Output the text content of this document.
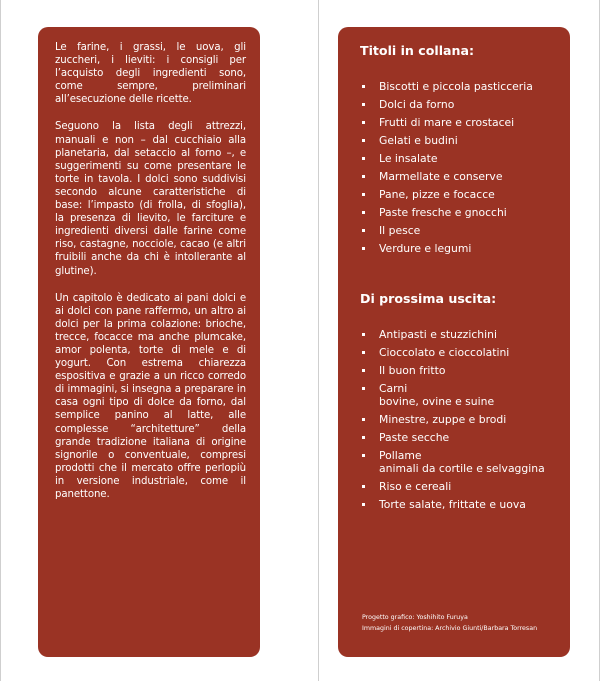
Le farine, i grassi, le uova, gli zuccheri, i lieviti: i consigli per l’acquisto degli ingredienti sono, come sempre, preliminari all’esecuzione delle ricette.

Seguono la lista degli attrezzi, manuali e non – dal cucchiaio alla planetaria, dal setaccio al forno –, e suggerimenti su come presentare le torte in tavola. I dolci sono suddivisi secondo alcune caratteristiche di base: l’impasto (di frolla, di sfoglia), la presenza di lievito, le farciture e ingredienti diversi dalle farine come riso, castagne, nocciole, cacao (e altri fruibili anche da chi è intollerante al glutine).

Un capitolo è dedicato ai pani dolci e ai dolci con pane raffermo, un altro ai dolci per la prima colazione: brioche, trecce, focacce ma anche plumcake, amor polenta, torte di mele e di yogurt. Con estrema chiarezza espositiva e grazie a un ricco corredo di immagini, si insegna a preparare in casa ogni tipo di dolce da forno, dal semplice panino al latte, alle complesse “architetture” della grande tradizione italiana di origine signorile o conventuale, compresi prodotti che il mercato offre perlopiù in versione industriale, come il panettone.

Titoli in collana:
Biscotti e piccola pasticceria
Dolci da forno
Frutti di mare e crostacei
Gelati e budini
Le insalate
Marmellate e conserve
Pane, pizze e focacce
Paste fresche e gnocchi
Il pesce
Verdure e legumi
Di prossima uscita:
Antipasti e stuzzichini
Cioccolato e cioccolatini
Il buon fritto
Carni
bovine, ovine e suine
Minestre, zuppe e brodi
Paste secche
Pollame
animali da cortile e selvaggina
Riso e cereali
Torte salate, frittate e uova
Progetto grafico: Yoshihito Furuya
Immagini di copertina: Archivio Giunti/Barbara Torresan
